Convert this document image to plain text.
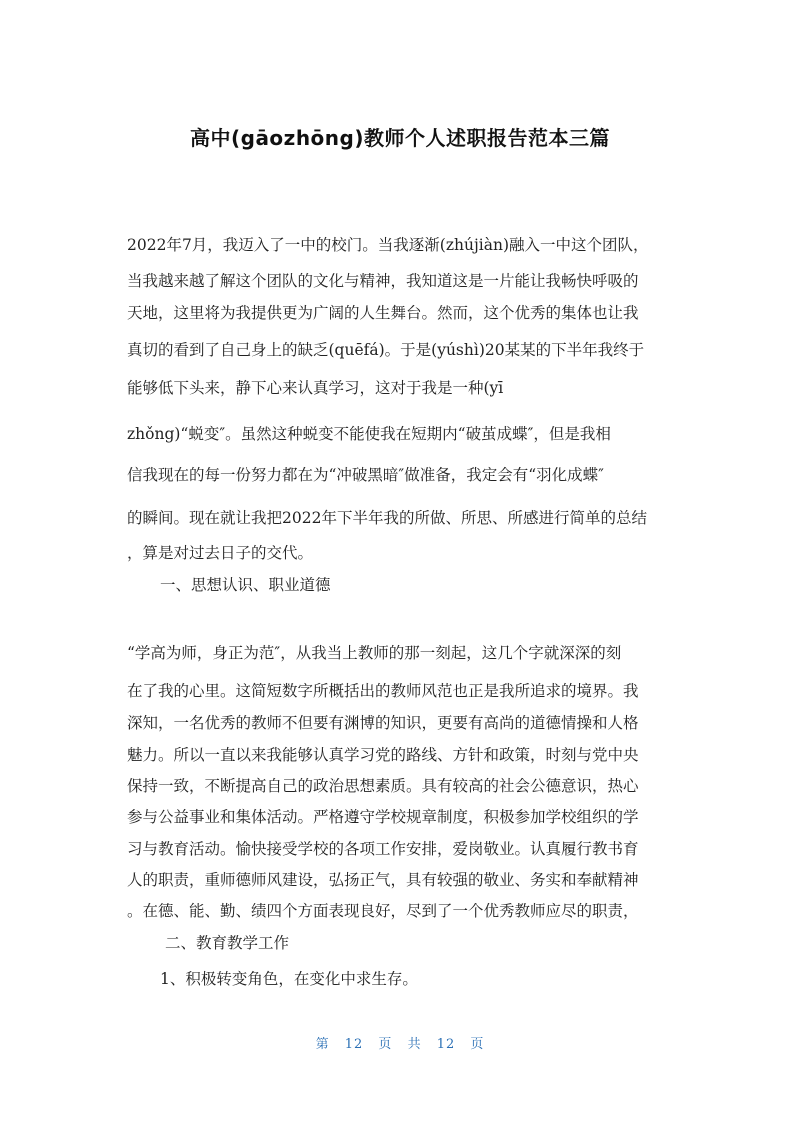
高中(gāozhōng)教师个人述职报告范本三篇
2022年7月，我迈入了一中的校门。当我逐渐(zhújiàn)融入一中这个团队，
当我越来越了解这个团队的文化与精神，我知道这是一片能让我畅快呼吸的
天地，这里将为我提供更为广阔的人生舞台。然而，这个优秀的集体也让我
真切的看到了自己身上的缺乏(quēfá)。于是(yúshì)20某某的下半年我终于
能够低下头来，静下心来认真学习，这对于我是一种(yī
zhǒng)“蜕变″。虽然这种蜕变不能使我在短期内“破茧成蝶″，但是我相
信我现在的每一份努力都在为“冲破黑暗″做准备，我定会有“羽化成蝶″
的瞬间。现在就让我把2022年下半年我的所做、所思、所感进行简单的总结
，算是对过去日子的交代。
一、思想认识、职业道德
“学高为师，身正为范″，从我当上教师的那一刻起，这几个字就深深的刻
在了我的心里。这简短数字所概括出的教师风范也正是我所追求的境界。我
深知，一名优秀的教师不但要有渊博的知识，更要有高尚的道德情操和人格
魅力。所以一直以来我能够认真学习党的路线、方针和政策，时刻与党中央
保持一致，不断提高自己的政治思想素质。具有较高的社会公德意识，热心
参与公益事业和集体活动。严格遵守学校规章制度，积极参加学校组织的学
习与教育活动。愉快接受学校的各项工作安排，爱岗敬业。认真履行教书育
人的职责，重师德师风建设，弘扬正气，具有较强的敬业、务实和奉献精神
。在德、能、勤、绩四个方面表现良好，尽到了一个优秀教师应尽的职责，
二、教育教学工作
1、积极转变角色，在变化中求生存。
第 12 页 共 12 页
